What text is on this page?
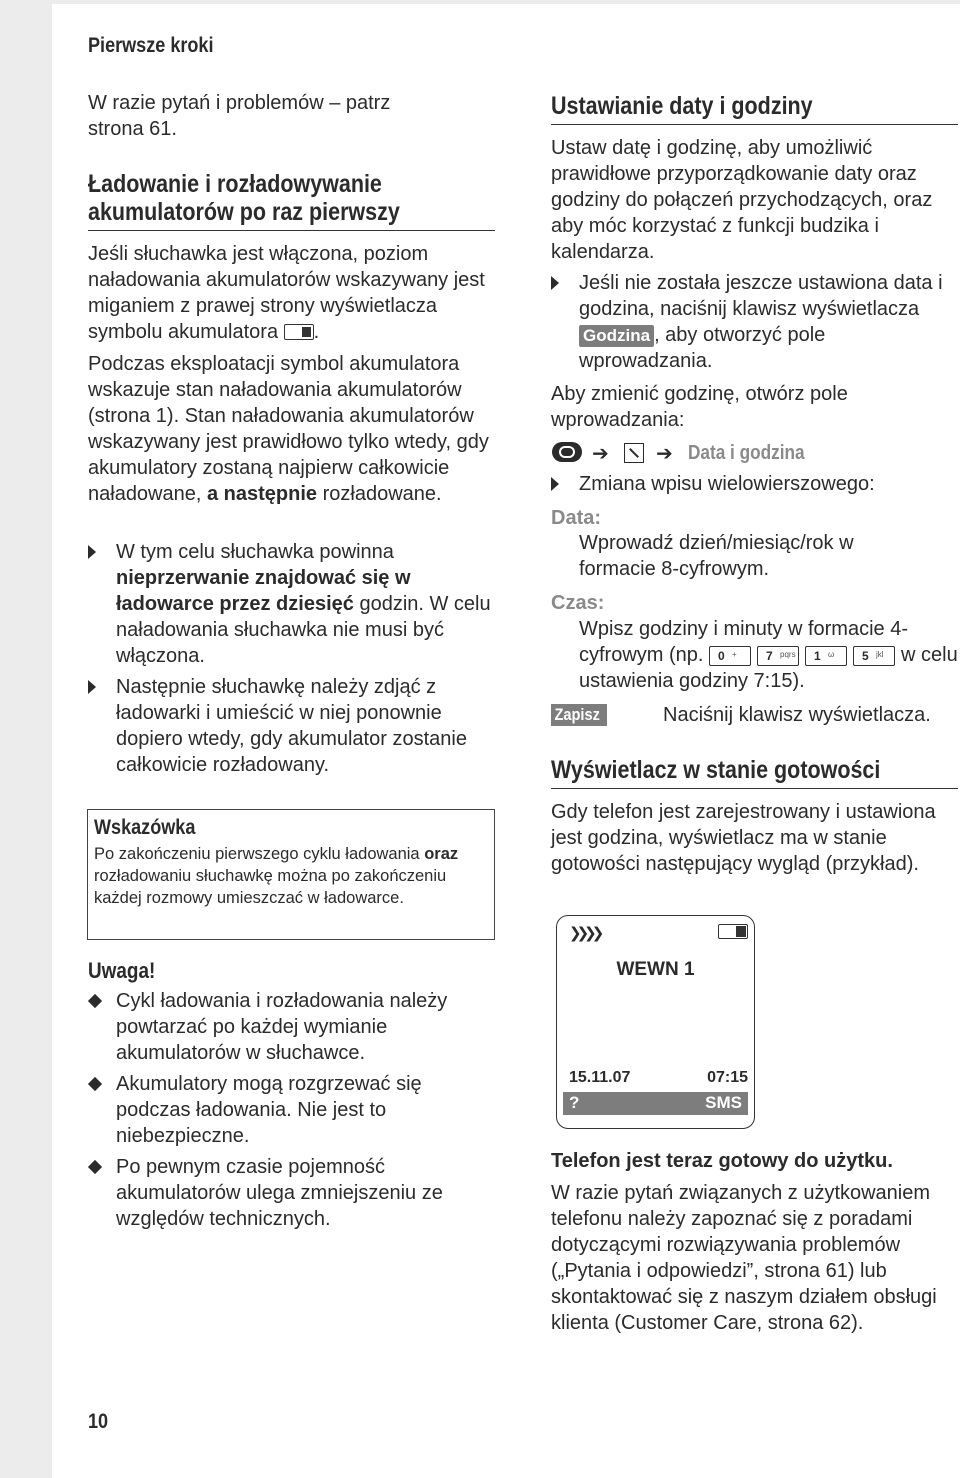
Pierwsze kroki

W razie pytań i problemów – patrz strona 61.

Ładowanie i rozładowywanie
akumulatorów po raz pierwszy

Jeśli słuchawka jest włączona, poziom naładowania akumulatorów wskazywany jest miganiem z prawej strony wyświetlacza symbolu akumulatora .

Podczas eksploatacji symbol akumulatora wskazuje stan naładowania akumulatorów (strona 1). Stan naładowania akumulatorów wskazywany jest prawidłowo tylko wtedy, gdy akumulatory zostaną najpierw całkowicie naładowane, a następnie rozładowane.

W tym celu słuchawka powinna nieprzerwanie znajdować się w ładowarce przez dziesięć godzin. W celu naładowania słuchawka nie musi być włączona.
Następnie słuchawkę należy zdjąć z ładowarki i umieścić w niej ponownie dopiero wtedy, gdy akumulator zostanie całkowicie rozładowany.
Wskazówka

Po zakończeniu pierwszego cyklu ładowania oraz rozładowaniu słuchawkę można po zakończeniu każdej rozmowy umieszczać w ładowarce.

Uwaga!
Cykl ładowania i rozładowania należy powtarzać po każdej wymianie akumulatorów w słuchawce.
Akumulatory mogą rozgrzewać się podczas ładowania. Nie jest to niebezpieczne.
Po pewnym czasie pojemność akumulatorów ulega zmniejszeniu ze względów technicznych.
10
Ustawianie daty i godziny

Ustaw datę i godzinę, aby umożliwić prawidłowe przyporządkowanie daty oraz godziny do połączeń przychodzących, oraz aby móc korzystać z funkcji budzika i kalendarza.

Jeśli nie została jeszcze ustawiona data i godzina, naciśnij klawisz wyświetlacza Godzina , aby otworzyć pole wprowadzania.

Aby zmienić godzinę, otwórz pole wprowadzania:

➔ ➔ Data i godzina
Zmiana wpisu wielowierszowego:
Data:

Wprowadź dzień/miesiąc/rok w formacie 8-cyfrowym.

Czas:

Wpisz godziny i minuty w formacie 4-cyfrowym (np. 0 + 7 pqrs 1 ω 5 jkl w celu ustawienia godziny 7:15).

Zapisz	Naciśnij klawisz wyświetlacza.

Wyświetlacz w stanie gotowości

Gdy telefon jest zarejestrowany i ustawiona jest godzina, wyświetlacz ma w stanie gotowości następujący wygląd (przykład).

❯❯❯❯
WEWN 1
15.11.07	07:15
?	SMS

Telefon jest teraz gotowy do użytku.

W razie pytań związanych z użytkowaniem telefonu należy zapoznać się z poradami dotyczącymi rozwiązywania problemów („Pytania i odpowiedzi”, strona 61) lub skontaktować się z naszym działem obsługi klienta (Customer Care, strona 62).
